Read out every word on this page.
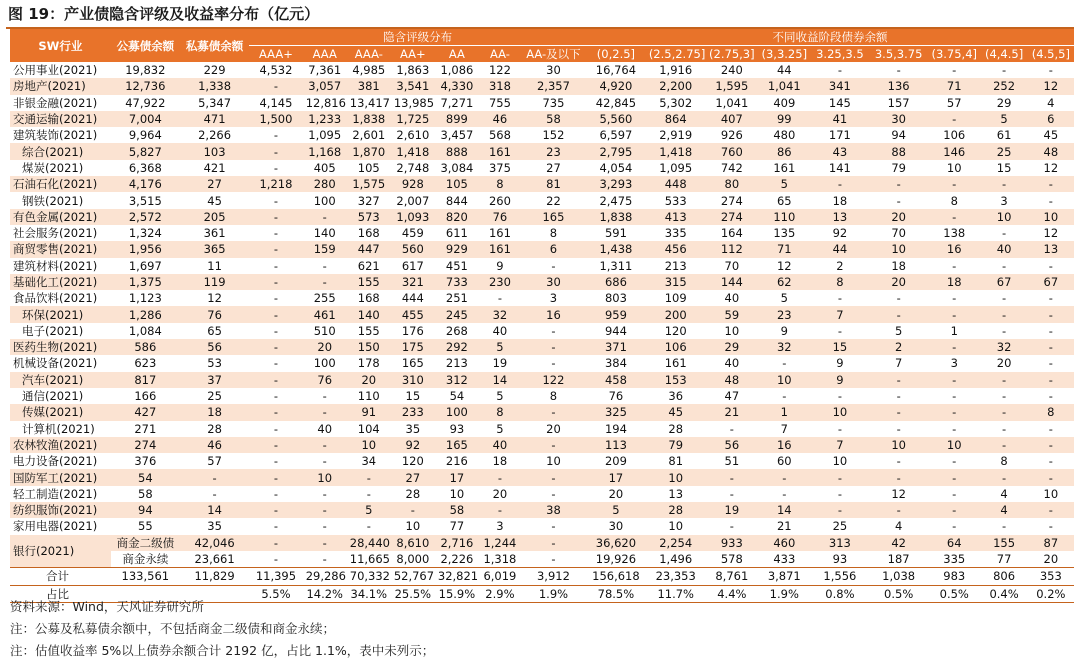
图 19：产业债隐含评级及收益率分布（亿元）
SW行业	公募债余额	私募债余额	隐含评级分布							不同收益阶段债券余额								
			AAA+	AAA	AAA-	AA+	AA	AA-	AA-及以下	(0,2.5]	(2.5,2.75]	(2.75,3]	(3,3.25]	3.25,3.5	3.5,3.75	(3.75,4]	(4,4.5]	(4.5,5]
公用事业(2021)	19,832	229	4,532	7,361	4,985	1,863	1,086	122	30	16,764	1,916	240	44	-	-	-	-	-
房地产(2021)	12,736	1,338	-	3,057	381	3,541	4,330	318	2,357	4,920	2,200	1,595	1,041	341	136	71	252	12
非银金融(2021)	47,922	5,347	4,145	12,816	13,417	13,985	7,271	755	735	42,845	5,302	1,041	409	145	157	57	29	4
交通运输(2021)	7,004	471	1,500	1,233	1,838	1,725	899	46	58	5,560	864	407	99	41	30	-	5	6
建筑装饰(2021)	9,964	2,266	-	1,095	2,601	2,610	3,457	568	152	6,597	2,919	926	480	171	94	106	61	45
综合(2021)	5,827	103	-	1,168	1,870	1,418	888	161	23	2,795	1,418	760	86	43	88	146	25	48
煤炭(2021)	6,368	421	-	405	105	2,748	3,084	375	27	4,054	1,095	742	161	141	79	10	15	12
石油石化(2021)	4,176	27	1,218	280	1,575	928	105	8	81	3,293	448	80	5	-	-	-	-	-
钢铁(2021)	3,515	45	-	100	327	2,007	844	260	22	2,475	533	274	65	18	-	8	3	-
有色金属(2021)	2,572	205	-	-	573	1,093	820	76	165	1,838	413	274	110	13	20	-	10	10
社会服务(2021)	1,324	361	-	140	168	459	611	161	8	591	335	164	135	92	70	138	-	12
商贸零售(2021)	1,956	365	-	159	447	560	929	161	6	1,438	456	112	71	44	10	16	40	13
建筑材料(2021)	1,697	11	-	-	621	617	451	9	-	1,311	213	70	12	2	18	-	-	-
基础化工(2021)	1,375	119	-	-	155	321	733	230	30	686	315	144	62	8	20	18	67	67
食品饮料(2021)	1,123	12	-	255	168	444	251	-	3	803	109	40	5	-	-	-	-	-
环保(2021)	1,286	76	-	461	140	455	245	32	16	959	200	59	23	7	-	-	-	-
电子(2021)	1,084	65	-	510	155	176	268	40	-	944	120	10	9	-	5	1	-	-
医药生物(2021)	586	56	-	20	150	175	292	5	-	371	106	29	32	15	2	-	32	-
机械设备(2021)	623	53	-	100	178	165	213	19	-	384	161	40	-	9	7	3	20	-
汽车(2021)	817	37	-	76	20	310	312	14	122	458	153	48	10	9	-	-	-	-
通信(2021)	166	25	-	-	110	15	54	5	8	76	36	47	-	-	-	-	-	-
传媒(2021)	427	18	-	-	91	233	100	8	-	325	45	21	1	10	-	-	-	8
计算机(2021)	271	28	-	40	104	35	93	5	20	194	28	-	7	-	-	-	-	-
农林牧渔(2021)	274	46	-	-	10	92	165	40	-	113	79	56	16	7	10	10	-	-
电力设备(2021)	376	57	-	-	34	120	216	18	10	209	81	51	60	10	-	-	8	-
国防军工(2021)	54	-	-	10	-	27	17	-	-	17	10	-	-	-	-	-	-	-
轻工制造(2021)	58	-	-	-	-	28	10	20	-	20	13	-	-	-	12	-	4	10
纺织服饰(2021)	94	14	-	-	5	-	58	-	38	5	28	19	14	-	-	-	4	-
家用电器(2021)	55	35	-	-	-	10	77	3	-	30	10	-	21	25	4	-	-	-
银行(2021)	商金二级债	42,046	-	-	28,440	8,610	2,716	1,244	-	36,620	2,254	933	460	313	42	64	155	87
	商金永续	23,661	-	-	11,665	8,000	2,226	1,318	-	19,926	1,496	578	433	93	187	335	77	20
合计	133,561	11,829	11,395	29,286	70,332	52,767	32,821	6,019	3,912	156,618	23,353	8,761	3,871	1,556	1,038	983	806	353
占比			5.5%	14.2%	34.1%	25.5%	15.9%	2.9%	1.9%	78.5%	11.7%	4.4%	1.9%	0.8%	0.5%	0.5%	0.4%	0.2%
资料来源：Wind，天风证券研究所
注：公募及私募债余额中，不包括商金二级债和商金永续；
注：估值收益率 5%以上债券余额合计 2192 亿，占比 1.1%，表中未列示；
